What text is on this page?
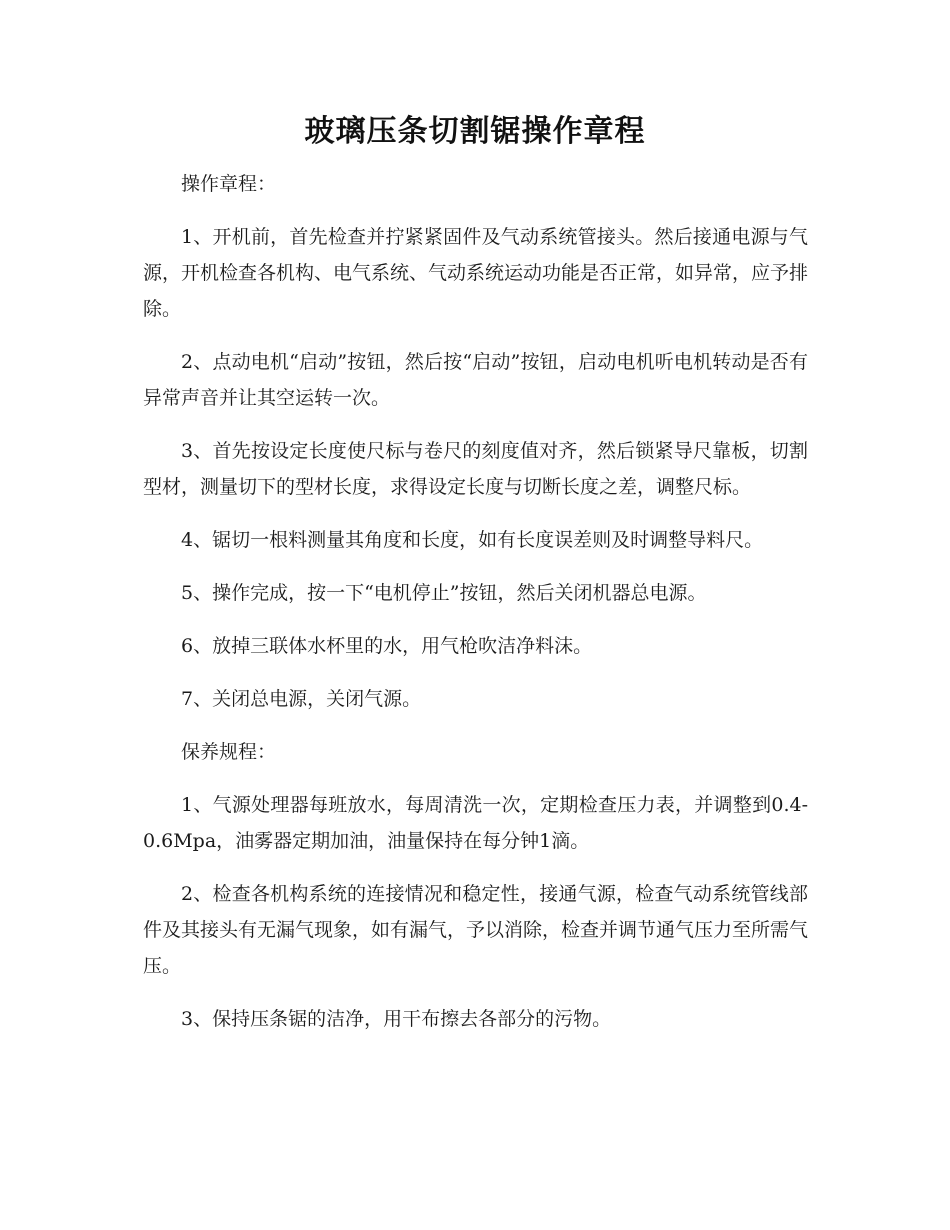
玻璃压条切割锯操作章程

操作章程：

1、开机前，首先检查并拧紧紧固件及气动系统管接头。然后接通电源与气源，开机检查各机构、电气系统、气动系统运动功能是否正常，如异常，应予排除。

2、点动电机“启动”按钮，然后按“启动”按钮，启动电机听电机转动是否有异常声音并让其空运转一次。

3、首先按设定长度使尺标与卷尺的刻度值对齐，然后锁紧导尺靠板，切割型材，测量切下的型材长度，求得设定长度与切断长度之差，调整尺标。

4、锯切一根料测量其角度和长度，如有长度误差则及时调整导料尺。

5、操作完成，按一下“电机停止”按钮，然后关闭机器总电源。

6、放掉三联体水杯里的水，用气枪吹洁净料沫。

7、关闭总电源，关闭气源。

保养规程：

1、气源处理器每班放水，每周清洗一次，定期检查压力表，并调整到0.4-0.6Mpa，油雾器定期加油，油量保持在每分钟1滴。

2、检查各机构系统的连接情况和稳定性，接通气源，检查气动系统管线部件及其接头有无漏气现象，如有漏气，予以消除，检查并调节通气压力至所需气压。

3、保持压条锯的洁净，用干布擦去各部分的污物。
